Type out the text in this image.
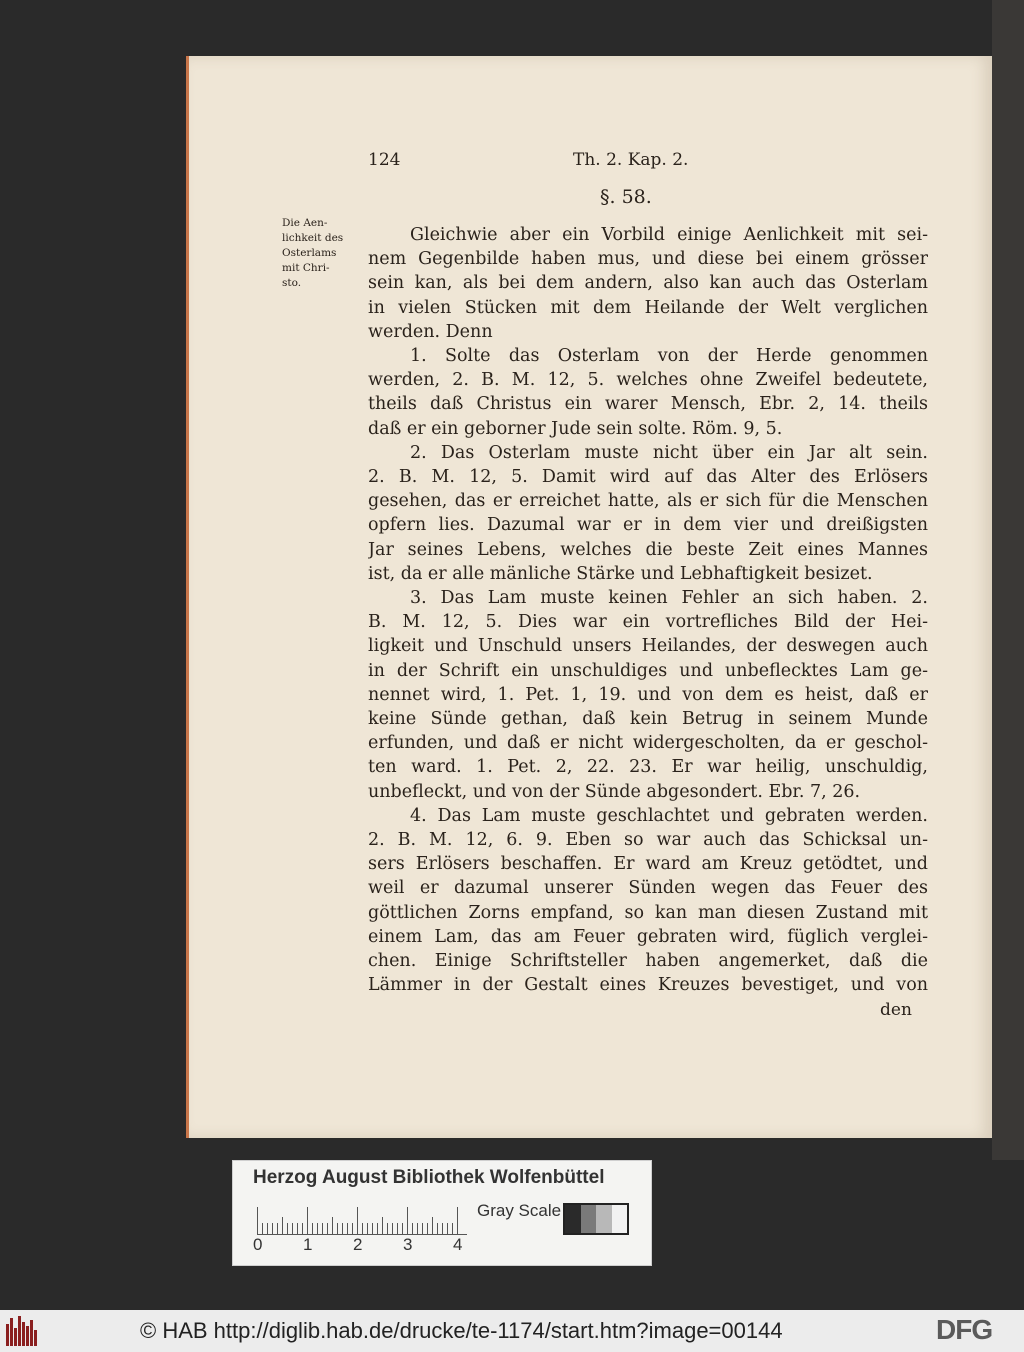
124	Th. 2. Kap. 2.
§. 58.
Die Aen-
lichkeit des
Osterlams
mit Chri-
sto.
Gleichwie aber ein Vorbild einige Aenlichkeit mit sei-
nem Gegenbilde haben mus, und diese bei einem grösser
sein kan, als bei dem andern, also kan auch das Osterlam
in vielen Stücken mit dem Heilande der Welt verglichen
werden. Denn
1. Solte das Osterlam von der Herde genommen
werden, 2. B. M. 12, 5. welches ohne Zweifel bedeutete,
theils daß Christus ein warer Mensch, Ebr. 2, 14. theils
daß er ein geborner Jude sein solte. Röm. 9, 5.
2. Das Osterlam muste nicht über ein Jar alt sein.
2. B. M. 12, 5. Damit wird auf das Alter des Erlösers
gesehen, das er erreichet hatte, als er sich für die Menschen
opfern lies. Dazumal war er in dem vier und dreißigsten
Jar seines Lebens, welches die beste Zeit eines Mannes
ist, da er alle mänliche Stärke und Lebhaftigkeit besizet.
3. Das Lam muste keinen Fehler an sich haben. 2.
B. M. 12, 5. Dies war ein vortrefliches Bild der Hei-
ligkeit und Unschuld unsers Heilandes, der deswegen auch
in der Schrift ein unschuldiges und unbeflecktes Lam ge-
nennet wird, 1. Pet. 1, 19. und von dem es heist, daß er
keine Sünde gethan, daß kein Betrug in seinem Munde
erfunden, und daß er nicht widergescholten, da er geschol-
ten ward. 1. Pet. 2, 22. 23. Er war heilig, unschuldig,
unbefleckt, und von der Sünde abgesondert. Ebr. 7, 26.
4. Das Lam muste geschlachtet und gebraten werden.
2. B. M. 12, 6. 9. Eben so war auch das Schicksal un-
sers Erlösers beschaffen. Er ward am Kreuz getödtet, und
weil er dazumal unserer Sünden wegen das Feuer des
göttlichen Zorns empfand, so kan man diesen Zustand mit
einem Lam, das am Feuer gebraten wird, füglich verglei-
chen. Einige Schriftsteller haben angemerket, daß die
Lämmer in der Gestalt eines Kreuzes bevestiget, und von
den
Herzog August Bibliothek Wolfenbüttel
0 1 2 3 4
Gray Scale
© HAB http://diglib.hab.de/drucke/te-1174/start.htm?image=00144	DFG
